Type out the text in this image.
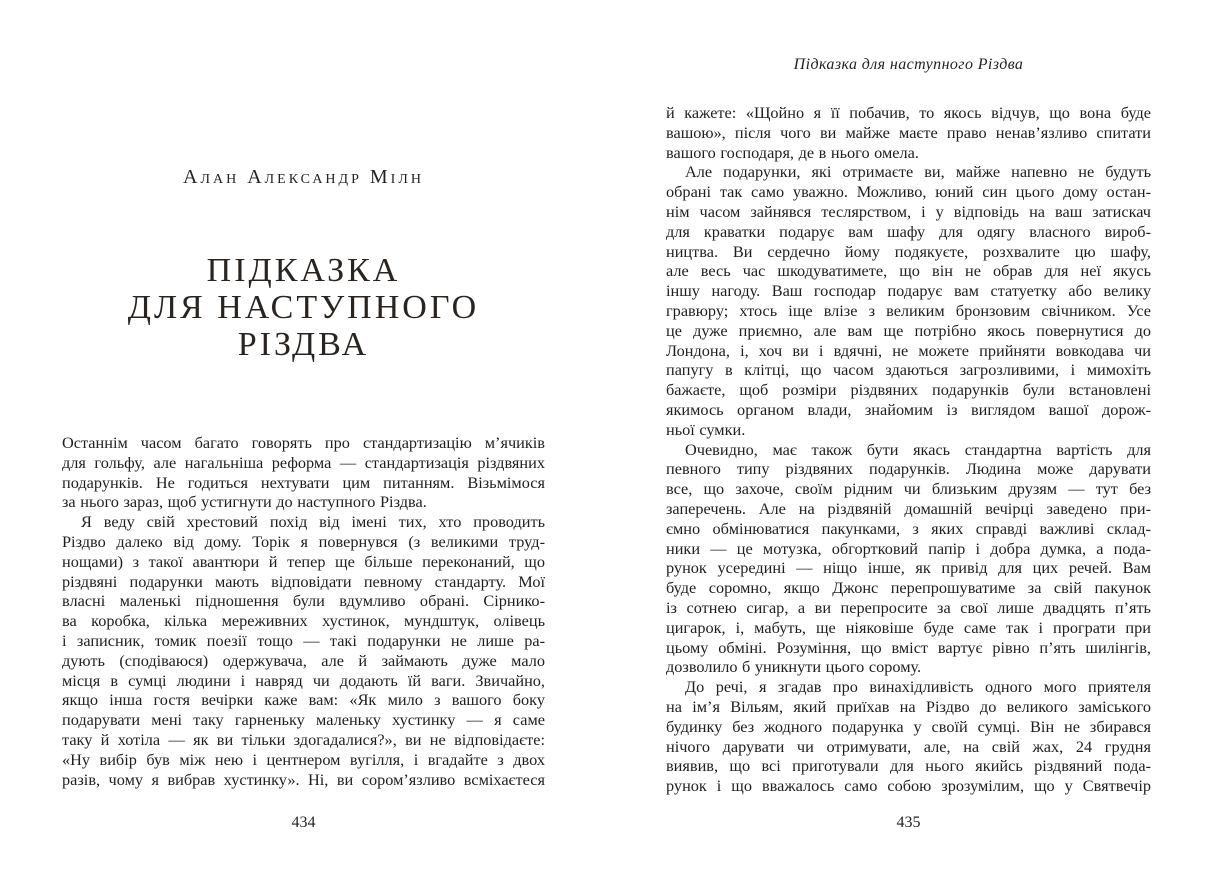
Алан Александр Мілн
ПІДКАЗКА
ДЛЯ НАСТУПНОГО
РІЗДВА
Останнім часом багато говорять про стандартизацію м’ячиків
для гольфу, але нагальніша реформа — стандартизація різдвяних
подарунків. Не годиться нехтувати цим питанням. Візьмімося
за нього зараз, щоб устигнути до наступного Різдва.
Я веду свій хрестовий похід від імені тих, хто проводить
Різдво далеко від дому. Торік я повернувся (з великими труд-
нощами) з такої авантюри й тепер ще більше переконаний, що
різдвяні подарунки мають відповідати певному стандарту. Мої
власні маленькі підношення були вдумливо обрані. Сірнико-
ва коробка, кілька мереживних хустинок, мундштук, олівець
і записник, томик поезії тощо — такі подарунки не лише ра-
дують (сподіваюся) одержувача, але й займають дуже мало
місця в сумці людини і навряд чи додають їй ваги. Звичайно,
якщо інша гостя вечірки каже вам: «Як мило з вашого боку
подарувати мені таку гарненьку маленьку хустинку — я саме
таку й хотіла — як ви тільки здогадалися?», ви не відповідаєте:
«Ну вибір був між нею і центнером вугілля, і вгадайте з двох
разів, чому я вибрав хустинку». Ні, ви сором’язливо всміхаєтеся
434
Підказка для наступного Різдва
й кажете: «Щойно я її побачив, то якось відчув, що вона буде
вашою», після чого ви майже маєте право ненав’язливо спитати
вашого господаря, де в нього омела.
Але подарунки, які отримаєте ви, майже напевно не будуть
обрані так само уважно. Можливо, юний син цього дому остан-
нім часом зайнявся теслярством, і у відповідь на ваш затискач
для краватки подарує вам шафу для одягу власного вироб-
ництва. Ви сердечно йому подякуєте, розхвалите цю шафу,
але весь час шкодуватимете, що він не обрав для неї якусь
іншу нагоду. Ваш господар подарує вам статуетку або велику
гравюру; хтось іще влізе з великим бронзовим свічником. Усе
це дуже приємно, але вам ще потрібно якось повернутися до
Лондона, і, хоч ви і вдячні, не можете прийняти вовкодава чи
папугу в клітці, що часом здаються загрозливими, і мимохіть
бажаєте, щоб розміри різдвяних подарунків були встановлені
якимось органом влади, знайомим із виглядом вашої дорож-
ньої сумки.
Очевидно, має також бути якась стандартна вартість для
певного типу різдвяних подарунків. Людина може дарувати
все, що захоче, своїм рідним чи близьким друзям — тут без
заперечень. Але на різдвяній домашній вечірці заведено при-
ємно обмінюватися пакунками, з яких справді важливі склад-
ники — це мотузка, обгортковий папір і добра думка, а пода-
рунок усередині — ніщо інше, як привід для цих речей. Вам
буде соромно, якщо Джонс перепрошуватиме за свій пакунок
із сотнею сигар, а ви перепросите за свої лише двадцять п’ять
цигарок, і, мабуть, ще ніяковіше буде саме так і програти при
цьому обміні. Розуміння, що вміст вартує рівно п’ять шилінгів,
дозволило б уникнути цього сорому.
До речі, я згадав про винахідливість одного мого приятеля
на ім’я Вільям, який приїхав на Різдво до великого заміського
будинку без жодного подарунка у своїй сумці. Він не збирався
нічого дарувати чи отримувати, але, на свій жах, 24 грудня
виявив, що всі приготували для нього якийсь різдвяний пода-
рунок і що вважалось само собою зрозумілим, що у Святвечір
435
